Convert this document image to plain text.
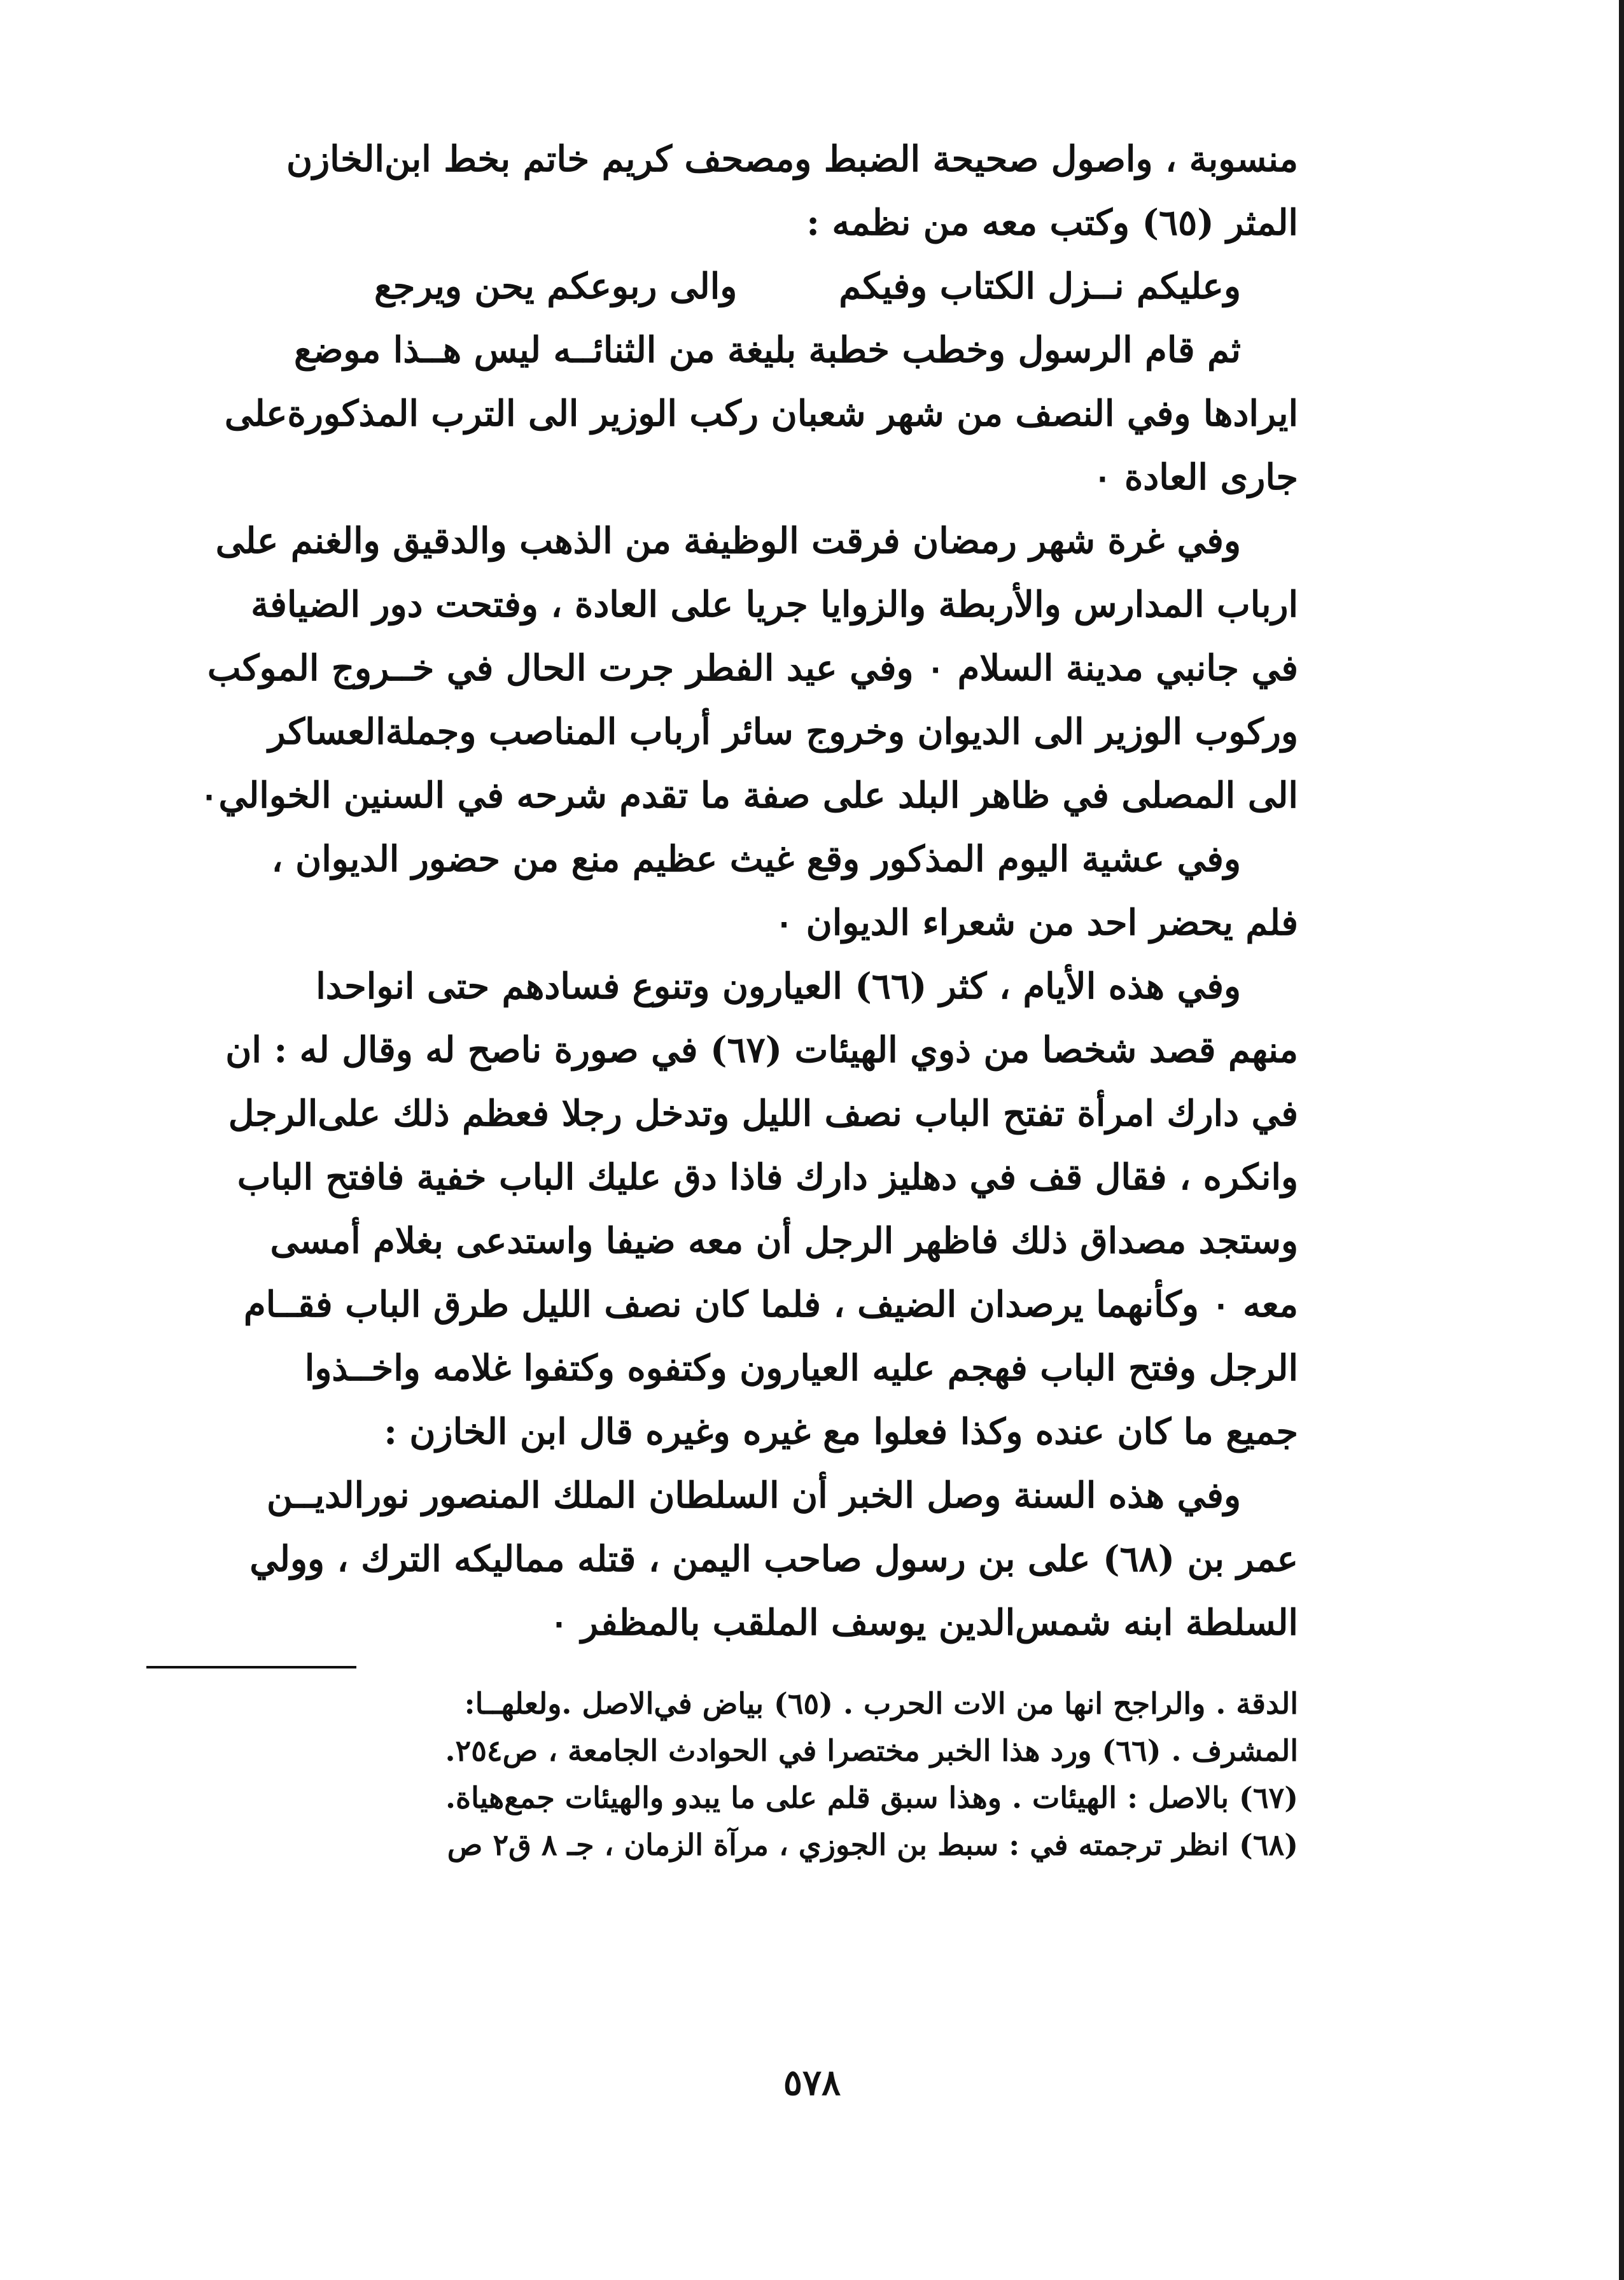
منسوبة ، واصول صحيحة الضبط ومصحف كريم خاتم بخط ابن‌الخازن
المثر (٦٥) وكتب معه من نظمه :
وعليكم نــزل الكتاب وفيكم
والى ربوعكم يحن ويرجع
ثم قام الرسول وخطب خطبة بليغة من الثنائــه ليس هــذا موضع
ايرادها وفي النصف من شهر شعبان ركب الوزير الى الترب المذكورةعلى
جارى العادة ٠
وفي غرة شهر رمضان فرقت الوظيفة من الذهب والدقيق والغنم على
ارباب المدارس والأربطة والزوايا جريا على العادة ، وفتحت دور الضيافة
في جانبي مدينة السلام ٠ وفي عيد الفطر جرت الحال في خــروج الموكب
وركوب الوزير الى الديوان وخروج سائر أرباب المناصب وجملةالعساكر
الى المصلى في ظاهر البلد على صفة ما تقدم شرحه في السنين الخوالي٠
وفي عشية اليوم المذكور وقع غيث عظيم منع من حضور الديوان ،
فلم يحضر احد من شعراء الديوان ٠
وفي هذه الأيام ، كثر (٦٦) العيارون وتنوع فسادهم حتى انواحدا
منهم قصد شخصا من ذوي الهيئات (٦٧) في صورة ناصح له وقال له : ان
في دارك امرأة تفتح الباب نصف الليل وتدخل رجلا فعظم ذلك على‌الرجل
وانكره ، فقال قف في دهليز دارك فاذا دق عليك الباب خفية فافتح الباب
وستجد مصداق ذلك فاظهر الرجل أن معه ضيفا واستدعى بغلام أمسى
معه ٠ وكأنهما يرصدان الضيف ، فلما كان نصف الليل طرق الباب فقــام
الرجل وفتح الباب فهجم عليه العيارون وكتفوه وكتفوا غلامه واخــذوا
جميع ما كان عنده وكذا فعلوا مع غيره وغيره قال ابن الخازن :
وفي هذه السنة وصل الخبر أن السلطان الملك المنصور نورالديــن
عمر بن (٦٨) على بن رسول صاحب اليمن ، قتله مماليكه الترك ، وولي
السلطة ابنه شمس‌الدين يوسف الملقب بالمظفر ٠
الدقة . والراجح انها من الات الحرب . (٦٥) بياض في‌الاصل .ولعلهــا:
المشرف . (٦٦) ورد هذا الخبر مختصرا في الحوادث الجامعة ، ص٢٥٤.
(٦٧) بالاصل : الهيئات . وهذا سبق قلم على ما يبدو والهيئات جمع‌هياة.
(٦٨) انظر ترجمته في : سبط بن الجوزي ، مرآة الزمان ، جـ ٨ ق٢ ص
٥٧٨
